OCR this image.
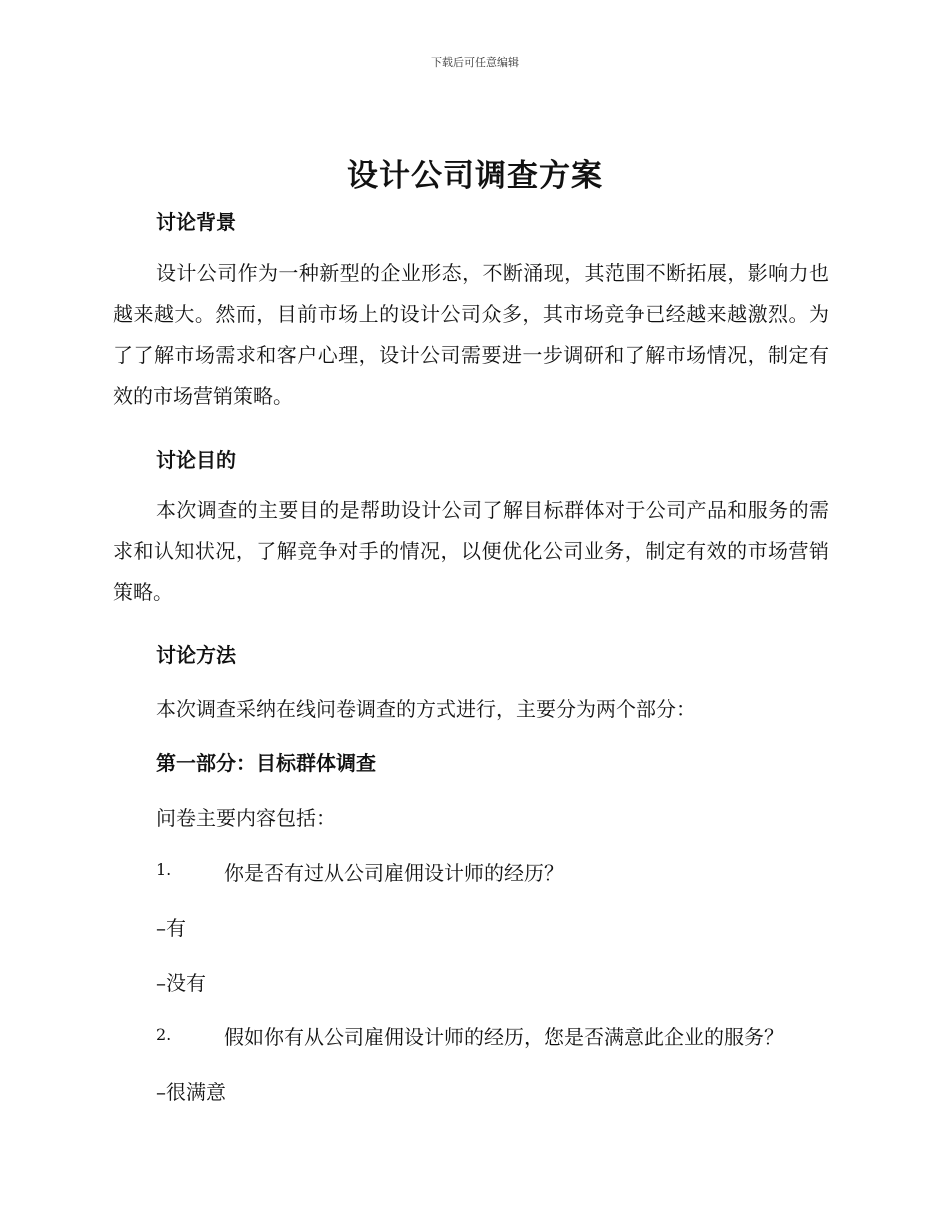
下载后可任意编辑
设计公司调查方案
讨论背景
设计公司作为一种新型的企业形态，不断涌现，其范围不断拓展，影响力也越来越大。然而，目前市场上的设计公司众多，其市场竞争已经越来越激烈。为了了解市场需求和客户心理，设计公司需要进一步调研和了解市场情况，制定有效的市场营销策略。
讨论目的
本次调查的主要目的是帮助设计公司了解目标群体对于公司产品和服务的需求和认知状况，了解竞争对手的情况，以便优化公司业务，制定有效的市场营销策略。
讨论方法
本次调查采纳在线问卷调查的方式进行，主要分为两个部分：
第一部分：目标群体调查
问卷主要内容包括：
1.	你是否有过从公司雇佣设计师的经历？
–有
–没有
2.	假如你有从公司雇佣设计师的经历，您是否满意此企业的服务？
–很满意
